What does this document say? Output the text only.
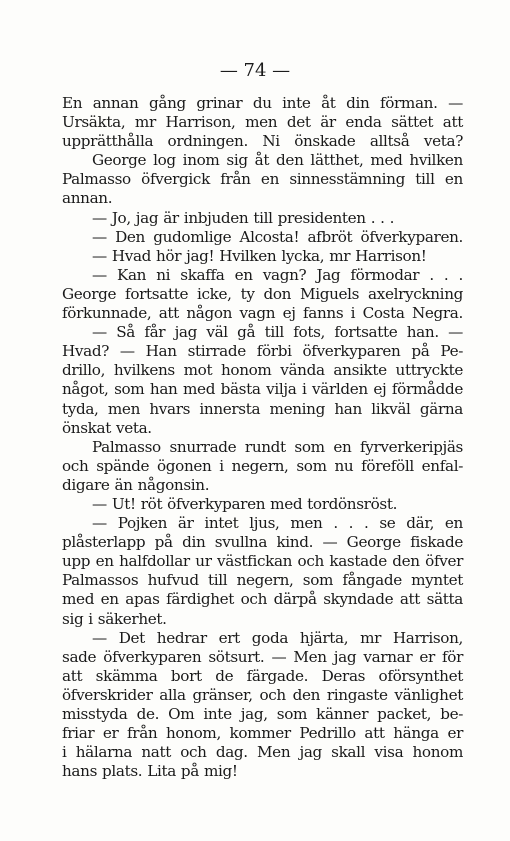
— 74 —
En annan gång grinar du inte åt din förman. —
Ursäkta, mr Harrison, men det är enda sättet att
upprätthålla ordningen. Ni önskade alltså veta?
George log inom sig åt den lätthet, med hvilken
Palmasso öfvergick från en sinnesstämning till en
annan.
— Jo, jag är inbjuden till presidenten . . .
— Den gudomlige Alcosta! afbröt öfverkyparen.
— Hvad hör jag! Hvilken lycka, mr Harrison!
— Kan ni skaffa en vagn? Jag förmodar . . .
George fortsatte icke, ty don Miguels axelryckning
förkunnade, att någon vagn ej fanns i Costa Negra.
— Så får jag väl gå till fots, fortsatte han. —
Hvad? — Han stirrade förbi öfverkyparen på Pe-
drillo, hvilkens mot honom vända ansikte uttryckte
något, som han med bästa vilja i världen ej förmådde
tyda, men hvars innersta mening han likväl gärna
önskat veta.
Palmasso snurrade rundt som en fyrverkeripjäs
och spände ögonen i negern, som nu föreföll enfal-
digare än någonsin.
— Ut! röt öfverkyparen med tordönsröst.
— Pojken är intet ljus, men . . . se där, en
plåsterlapp på din svullna kind. — George fiskade
upp en halfdollar ur västfickan och kastade den öfver
Palmassos hufvud till negern, som fångade myntet
med en apas färdighet och därpå skyndade att sätta
sig i säkerhet.
— Det hedrar ert goda hjärta, mr Harrison,
sade öfverkyparen sötsurt. — Men jag varnar er för
att skämma bort de färgade. Deras oförsynthet
öfverskrider alla gränser, och den ringaste vänlighet
misstyda de. Om inte jag, som känner packet, be-
friar er från honom, kommer Pedrillo att hänga er
i hälarna natt och dag. Men jag skall visa honom
hans plats. Lita på mig!
